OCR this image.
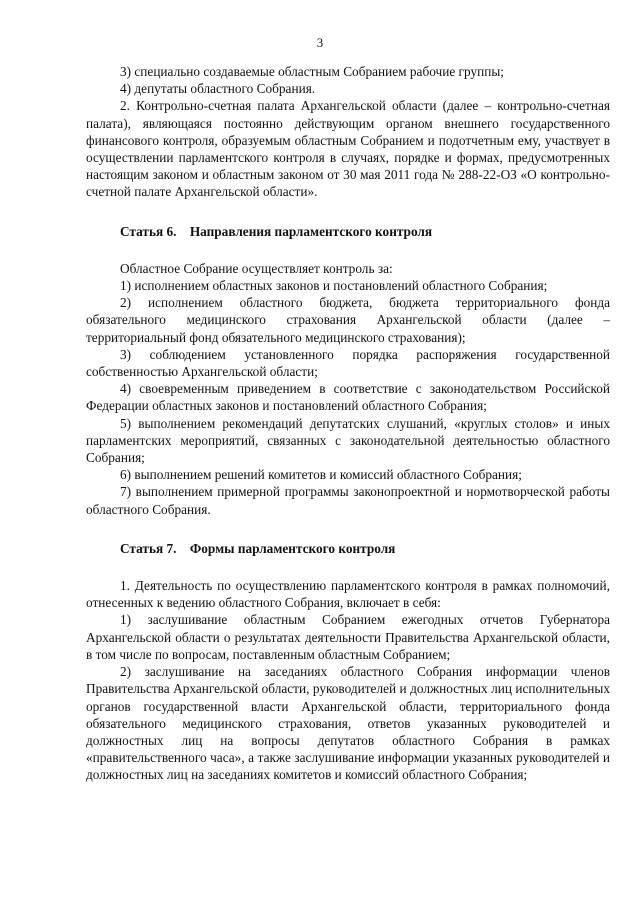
3

3) специально создаваемые областным Собранием рабочие группы;

4) депутаты областного Собрания.

2. Контрольно-счетная палата Архангельской области (далее – контрольно-счетная палата), являющаяся постоянно действующим органом внешнего государственного финансового контроля, образуемым областным Собранием и подотчетным ему, участвует в осуществлении парламентского контроля в случаях, порядке и формах, предусмотренных настоящим законом и областным законом от 30 мая 2011 года № 288-22-ОЗ «О контрольно-счетной палате Архангельской области».

Статья 6. Направления парламентского контроля

Областное Собрание осуществляет контроль за:

1) исполнением областных законов и постановлений областного Собрания;

2) исполнением областного бюджета, бюджета территориального фонда обязательного медицинского страхования Архангельской области (далее – территориальный фонд обязательного медицинского страхования);

3) соблюдением установленного порядка распоряжения государственной собственностью Архангельской области;

4) своевременным приведением в соответствие с законодательством Российской Федерации областных законов и постановлений областного Собрания;

5) выполнением рекомендаций депутатских слушаний, «круглых столов» и иных парламентских мероприятий, связанных с законодательной деятельностью областного Собрания;

6) выполнением решений комитетов и комиссий областного Собрания;

7) выполнением примерной программы законопроектной и нормотворческой работы областного Собрания.

Статья 7. Формы парламентского контроля

1. Деятельность по осуществлению парламентского контроля в рамках полномочий, отнесенных к ведению областного Собрания, включает в себя:

1) заслушивание областным Собранием ежегодных отчетов Губернатора Архангельской области о результатах деятельности Правительства Архангельской области, в том числе по вопросам, поставленным областным Собранием;

2) заслушивание на заседаниях областного Собрания информации членов Правительства Архангельской области, руководителей и должностных лиц исполнительных органов государственной власти Архангельской области, территориального фонда обязательного медицинского страхования, ответов указанных руководителей и должностных лиц на вопросы депутатов областного Собрания в рамках «правительственного часа», а также заслушивание информации указанных руководителей и должностных лиц на заседаниях комитетов и комиссий областного Собрания;
